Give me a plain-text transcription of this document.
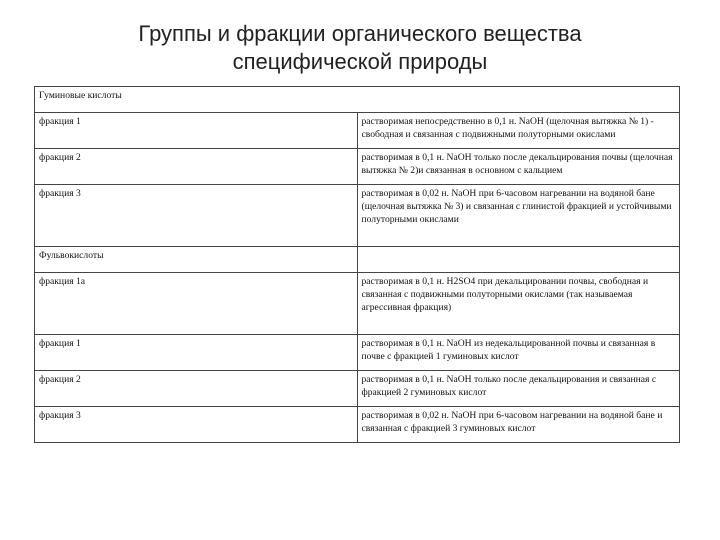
Группы и фракции органического вещества
специфической природы
Гуминовые кислоты	
фракция 1	растворимая непосредственно в 0,1 н. NaOH (щелочная вытяжка № 1) - свободная и связанная с подвижными полуторными окислами
фракция 2	растворимая в 0,1 н. NaOH только после декальцирования почвы (щелочная вытяжка № 2)и связанная в основном с кальцием
фракция 3	растворимая в 0,02 н. NaOH при 6-часовом нагревании на водяной бане (щелочная вытяжка № 3) и связанная с глинистой фракцией и устойчивыми полуторными окислами
Фульвокислоты	
фракция 1а	растворимая в 0,1 н. H2SO4 при декальцировании почвы, свободная и связанная с подвижными полуторными окислами (так называемая агрессивная фракция)
фракция 1	растворимая в 0,1 н. NaOH из недекальцированной почвы и связанная в почве с фракцией 1 гуминовых кислот
фракция 2	растворимая в 0,1 н. NaOH только после декальцирования и связанная с фракцией 2 гуминовых кислот
фракция 3	растворимая в 0,02 н. NaOH при 6-часовом нагревании на водяной бане и связанная с фракцией 3 гуминовых кислот
